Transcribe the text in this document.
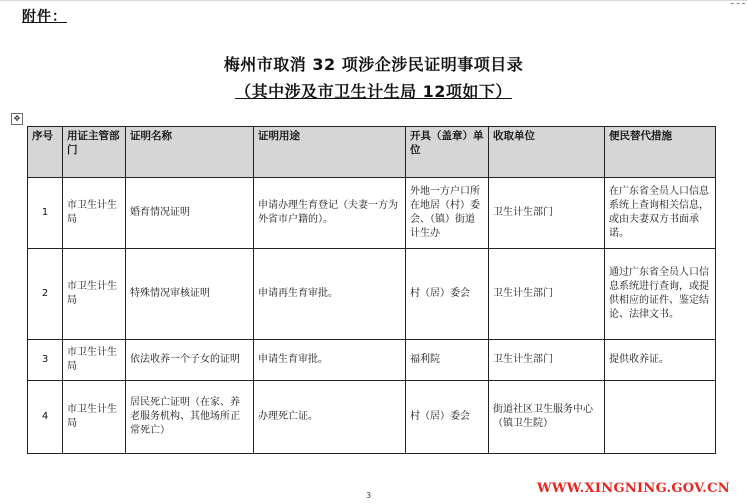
附件：
梅州市取消 32 项涉企涉民证明事项目录
（其中涉及市卫生计生局 12项如下）
✥
序号	用证主管部门	证明名称	证明用途	开具（盖章）单位	收取单位	便民替代措施
1	市卫生计生局	婚育情况证明	申请办理生育登记（夫妻一方为外省市户籍的）。	外地一方户口所在地居（村）委会、（镇）街道计生办	卫生计生部门	在广东省全员人口信息系统上查询相关信息，或由夫妻双方书面承诺。
2	市卫生计生局	特殊情况审核证明	申请再生育审批。	村（居）委会	卫生计生部门	通过广东省全员人口信息系统进行查询，或提供相应的证件、鉴定结论、法律文书。
3	市卫生计生局	依法收养一个子女的证明	申请生育审批。	福利院	卫生计生部门	提供收养证。
4	市卫生计生局	居民死亡证明（在家、养老服务机构、其他场所正常死亡）	办理死亡证。	村（居）委会	街道社区卫生服务中心（镇卫生院）	
3	WWW.XINGNING.GOV.CN
